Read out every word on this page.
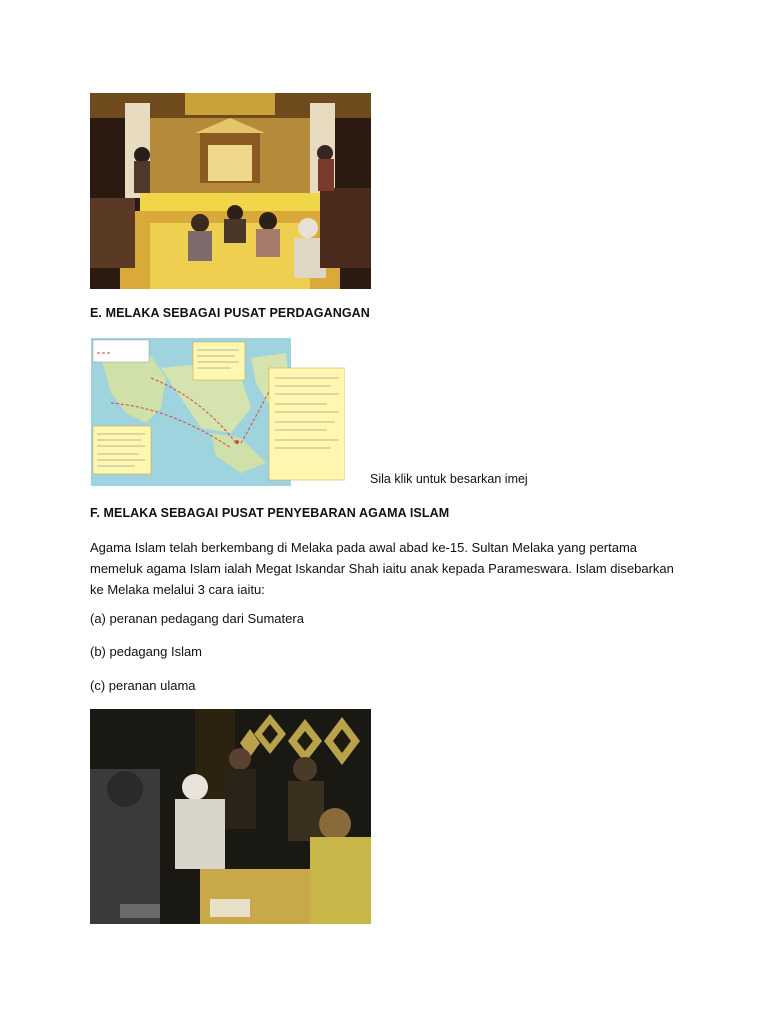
E. MELAKA SEBAGAI PUSAT PERDAGANGAN
Sila klik untuk besarkan imej
F. MELAKA SEBAGAI PUSAT PENYEBARAN AGAMA ISLAM
Agama Islam telah berkembang di Melaka pada awal abad ke-15. Sultan Melaka yang pertama memeluk agama Islam ialah Megat Iskandar Shah iaitu anak kepada Parameswara. Islam disebarkan ke Melaka melalui 3 cara iaitu:
(a) peranan pedagang dari Sumatera
(b) pedagang Islam
(c) peranan ulama
